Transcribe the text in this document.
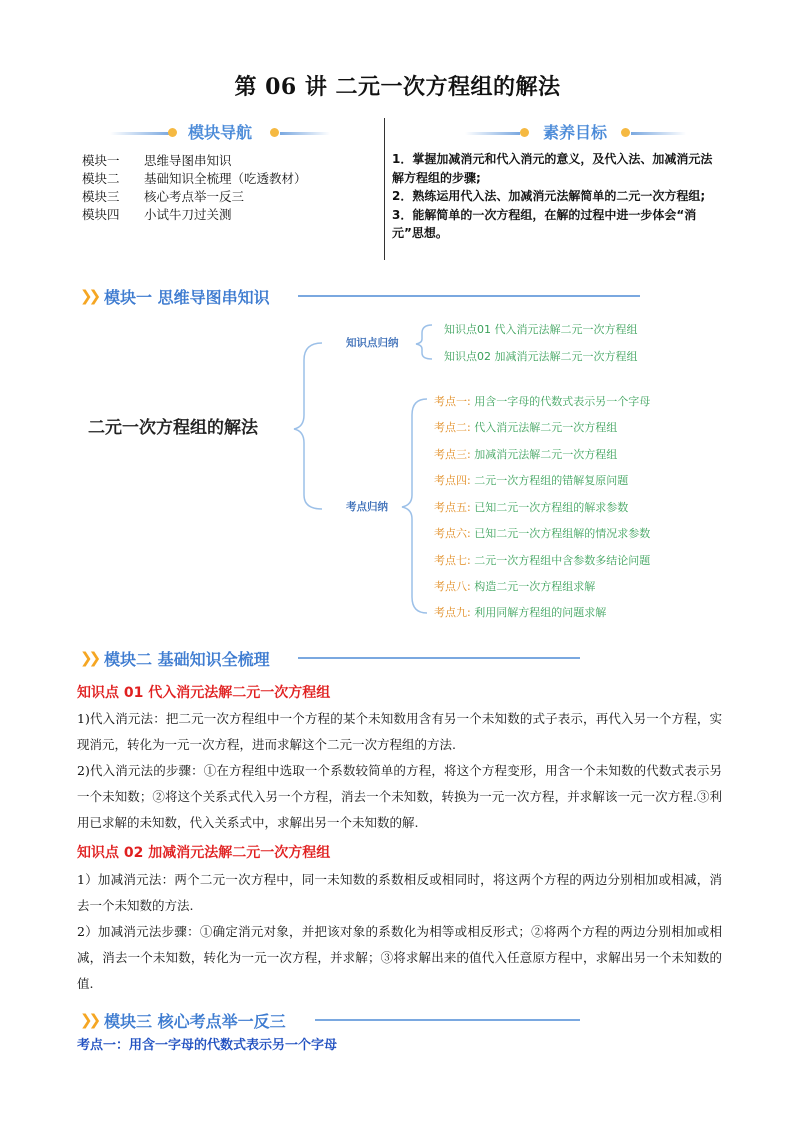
第 06 讲 二元一次方程组的解法
模块导航	素养目标
模块一	思维导图串知识
模块二	基础知识全梳理（吃透教材）
模块三	核心考点举一反三
模块四	小试牛刀过关测
1．掌握加减消元和代入消元的意义，及代入法、加减消元法解方程组的步骤;
2．熟练运用代入法、加减消元法解简单的二元一次方程组;
3．能解简单的一次方程组，在解的过程中进一步体会“消元”思想。
❯❯ 模块一 思维导图串知识
二元一次方程组的解法
知识点归纳
考点归纳
知识点01 代入消元法解二元一次方程组
知识点02 加减消元法解二元一次方程组
考点一: 用含一字母的代数式表示另一个字母
考点二: 代入消元法解二元一次方程组
考点三: 加减消元法解二元一次方程组
考点四: 二元一次方程组的错解复原问题
考点五: 已知二元一次方程组的解求参数
考点六: 已知二元一次方程组解的情况求参数
考点七: 二元一次方程组中含参数多结论问题
考点八: 构造二元一次方程组求解
考点九: 利用同解方程组的问题求解
❯❯ 模块二 基础知识全梳理
知识点 01 代入消元法解二元一次方程组
1)代入消元法：把二元一次方程组中一个方程的某个未知数用含有另一个未知数的式子表示，再代入另一个方程，实现消元，转化为一元一次方程，进而求解这个二元一次方程组的方法.
2)代入消元法的步骤：①在方程组中选取一个系数较简单的方程，将这个方程变形，用含一个未知数的代数式表示另一个未知数；②将这个关系式代入另一个方程，消去一个未知数，转换为一元一次方程，并求解该一元一次方程.③利用已求解的未知数，代入关系式中，求解出另一个未知数的解.
知识点 02 加减消元法解二元一次方程组
1）加减消元法：两个二元一次方程中，同一未知数的系数相反或相同时，将这两个方程的两边分别相加或相减，消去一个未知数的方法.
2）加减消元法步骤：①确定消元对象，并把该对象的系数化为相等或相反形式；②将两个方程的两边分别相加或相减，消去一个未知数，转化为一元一次方程，并求解；③将求解出来的值代入任意原方程中，求解出另一个未知数的值.
❯❯ 模块三 核心考点举一反三
考点一：用含一字母的代数式表示另一个字母
